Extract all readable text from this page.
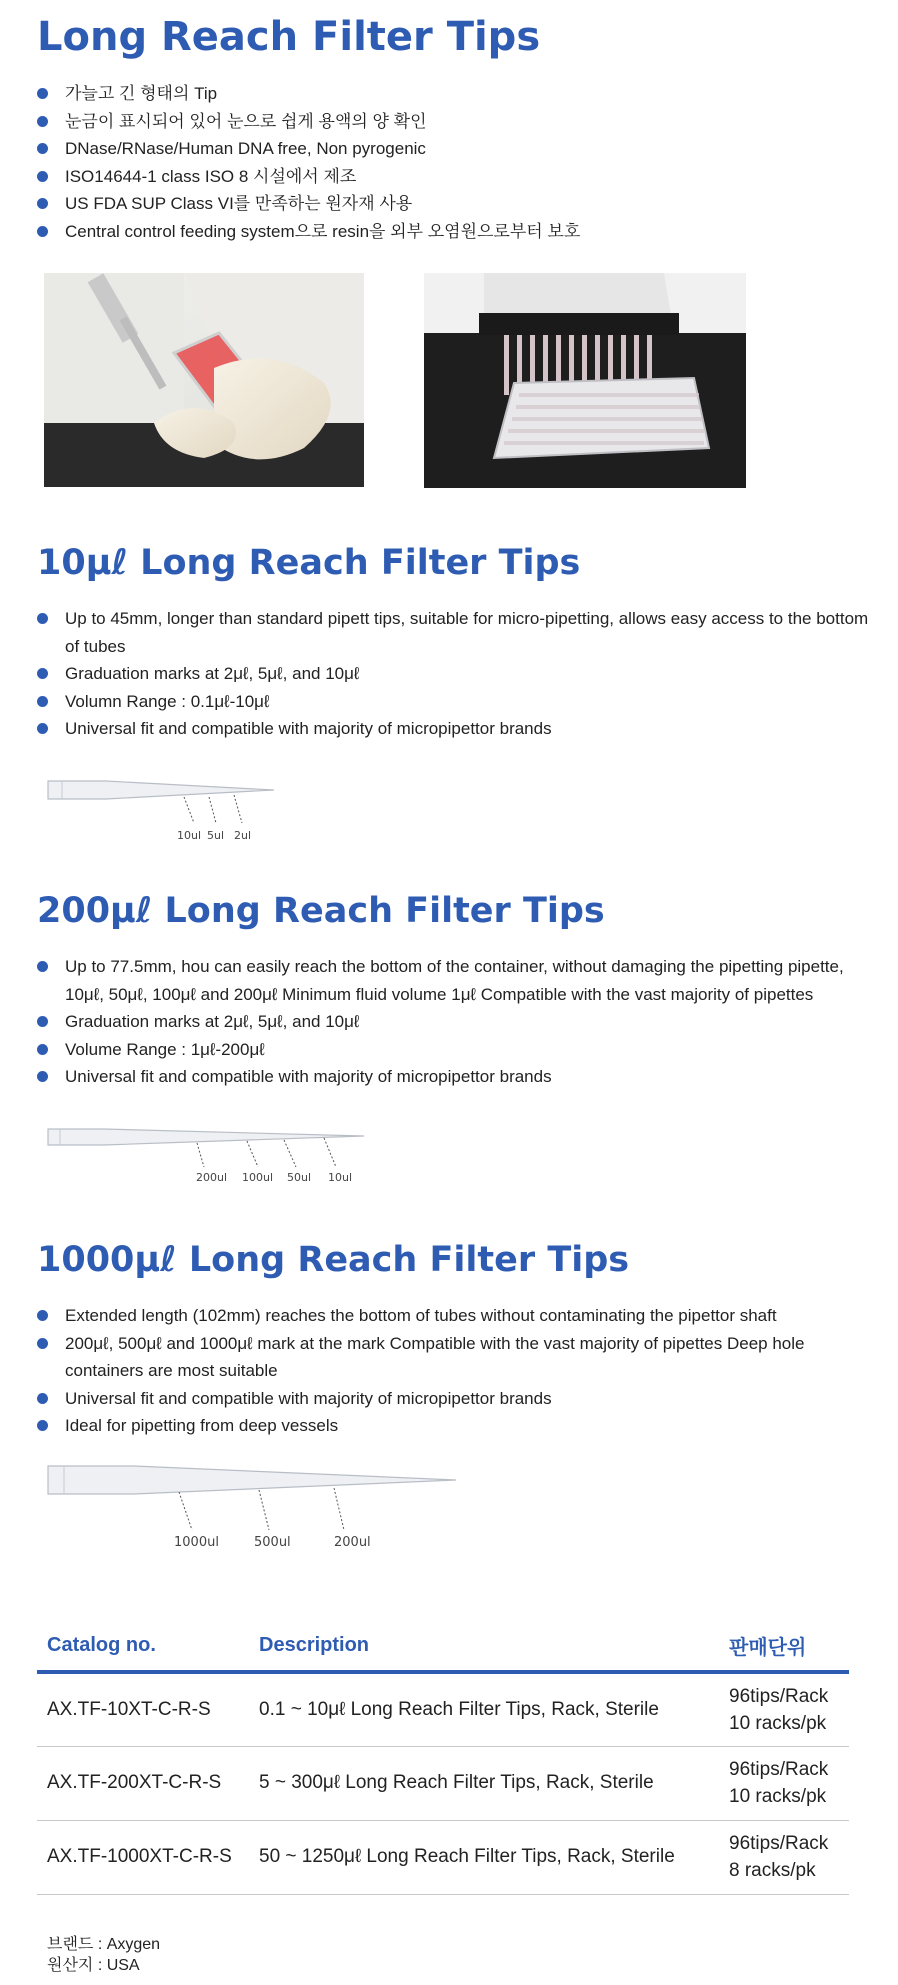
Long Reach Filter Tips
가늘고 긴 형태의 Tip
눈금이 표시되어 있어 눈으로 쉽게 용액의 양 확인
DNase/RNase/Human DNA free, Non pyrogenic
ISO14644-1 class ISO 8 시설에서 제조
US FDA SUP Class VI를 만족하는 원자재 사용
Central control feeding system으로 resin을 외부 오염원으로부터 보호
10μℓ Long Reach Filter Tips
Up to 45mm, longer than standard pipett tips, suitable for micro-pipetting, allows easy access to the bottom of tubes
Graduation marks at 2μℓ, 5μℓ, and 10μℓ
Volumn Range : 0.1μℓ-10μℓ
Universal fit and compatible with majority of micropipettor brands
10ul 5ul 2ul
200μℓ Long Reach Filter Tips
Up to 77.5mm, hou can easily reach the bottom of the container, without damaging the pipetting pipette, 10μℓ, 50μℓ, 100μℓ and 200μℓ Minimum fluid volume 1μℓ Compatible with the vast majority of pipettes
Graduation marks at 2μℓ, 5μℓ, and 10μℓ
Volume Range : 1μℓ-200μℓ
Universal fit and compatible with majority of micropipettor brands
200ul 100ul 50ul 10ul
1000μℓ Long Reach Filter Tips
Extended length (102mm) reaches the bottom of tubes without contaminating the pipettor shaft
200μℓ, 500μℓ and 1000μℓ mark at the mark Compatible with the vast majority of pipettes Deep hole containers are most suitable
Universal fit and compatible with majority of micropipettor brands
Ideal for pipetting from deep vessels
1000ul	500ul	200ul
Catalog no.	Description	판매단위
AX.TF-10XT-C-R-S	0.1 ~ 10μℓ Long Reach Filter Tips, Rack, Sterile	96tips/Rack
10 racks/pk

AX.TF-200XT-C-R-S	5 ~ 300μℓ Long Reach Filter Tips, Rack, Sterile	96tips/Rack
10 racks/pk

AX.TF-1000XT-C-R-S	50 ~ 1250μℓ Long Reach Filter Tips, Rack, Sterile	96tips/Rack
8 racks/pk
브랜드 : Axygen
원산지 : USA
